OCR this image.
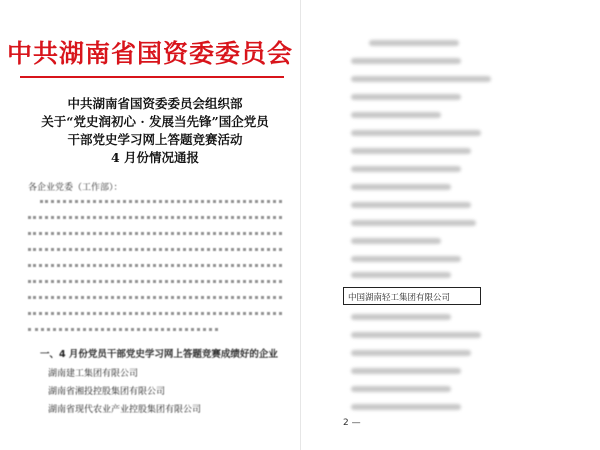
中共湖南省国资委委员会
中共湖南省国资委委员会组织部
关于“党史润初心 · 发展当先锋”国企党员
干部党史学习网上答题竞赛活动
4 月份情况通报
各企业党委（工作部）：
一、4 月份党员干部党史学习网上答题竞赛成绩好的企业
湖南建工集团有限公司
湖南省湘投控股集团有限公司
湖南省现代农业产业控股集团有限公司
中国湖南轻工集团有限公司
2 —
